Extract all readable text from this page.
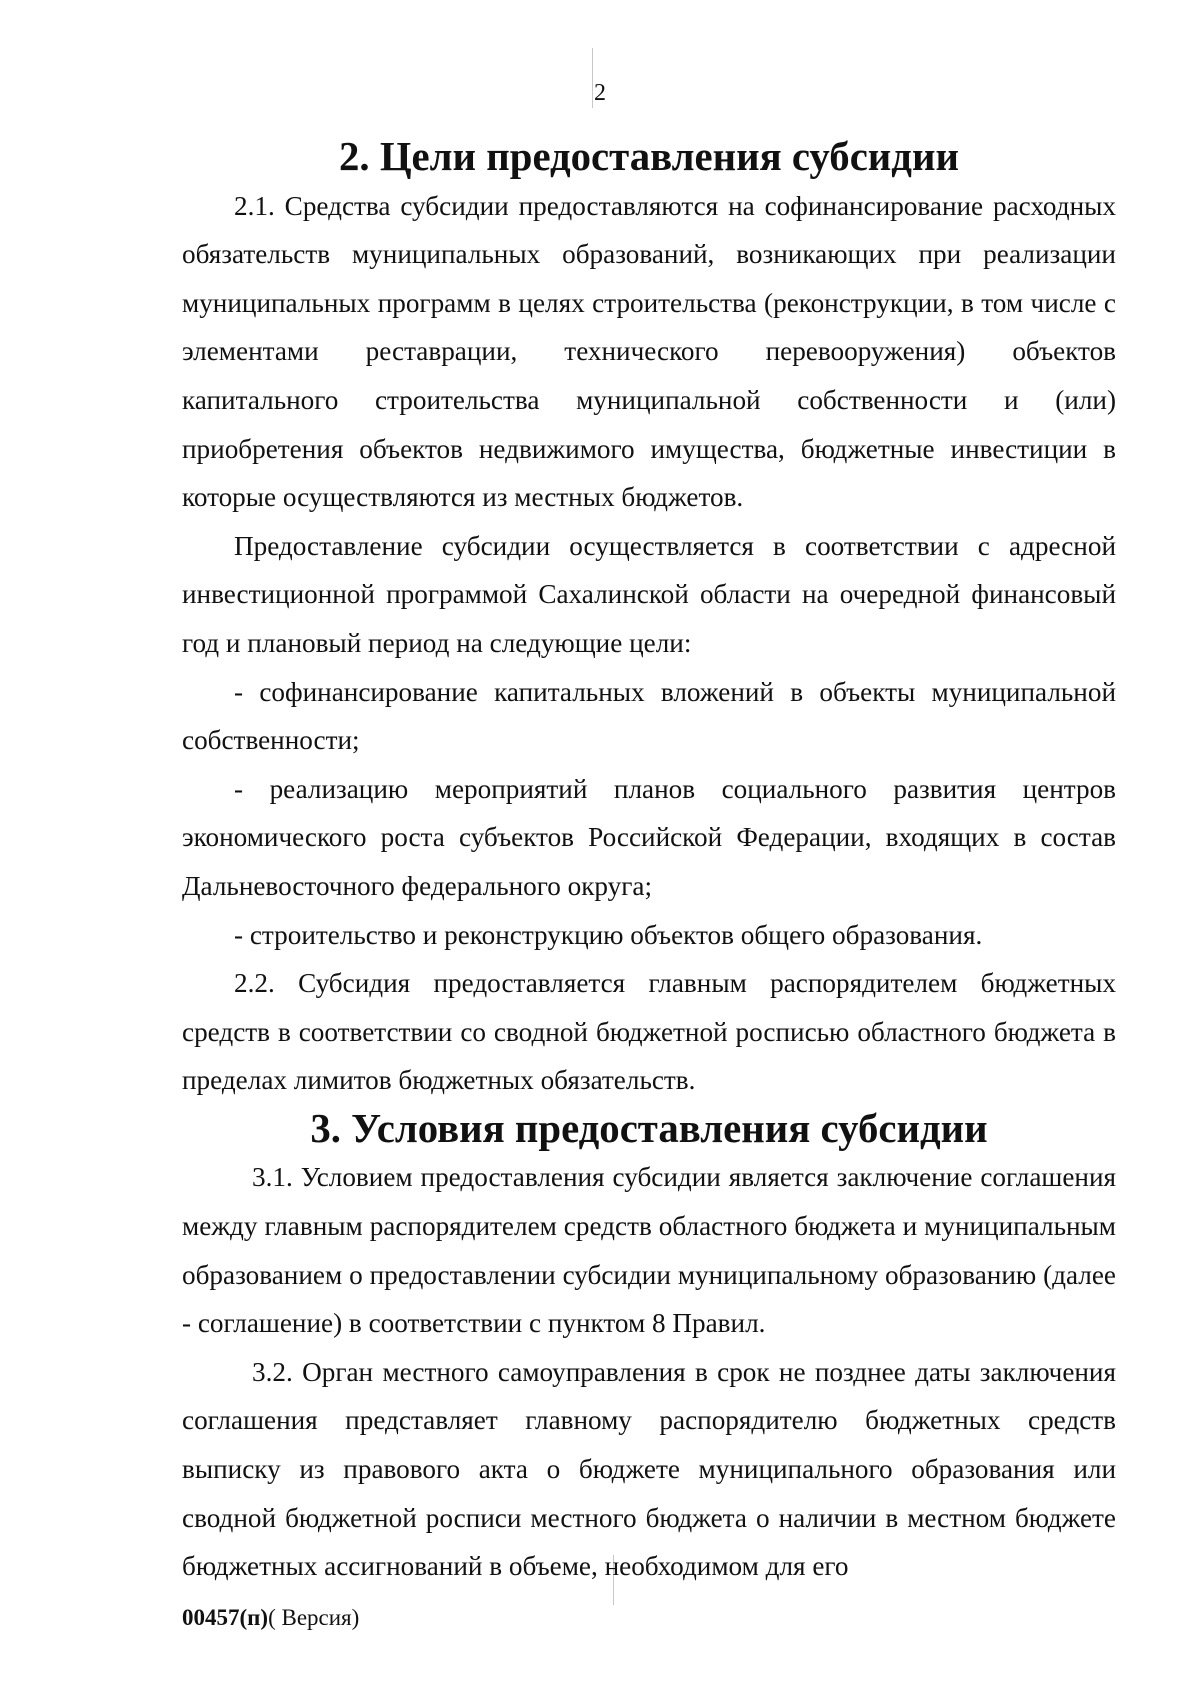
2
2. Цели предоставления субсидии

2.1. Средства субсидии предоставляются на софинансирование расходных обязательств муниципальных образований, возникающих при реализации муниципальных программ в целях строительства (реконструкции, в том числе с элементами реставрации, технического перевооружения) объектов капитального строительства муниципальной собственности и (или) приобретения объектов недвижимого имущества, бюджетные инвестиции в которые осуществляются из местных бюджетов.

Предоставление субсидии осуществляется в соответствии с адресной инвестиционной программой Сахалинской области на очередной финансовый год и плановый период на следующие цели:

- софинансирование капитальных вложений в объекты муниципальной собственности;

- реализацию мероприятий планов социального развития центров экономического роста субъектов Российской Федерации, входящих в состав Дальневосточного федерального округа;

- строительство и реконструкцию объектов общего образования.

2.2. Субсидия предоставляется главным распорядителем бюджетных средств в соответствии со сводной бюджетной росписью областного бюджета в пределах лимитов бюджетных обязательств.

3. Условия предоставления субсидии

3.1. Условием предоставления субсидии является заключение соглашения между главным распорядителем средств областного бюджета и муниципальным образованием о предоставлении субсидии муниципальному образованию (далее - соглашение) в соответствии с пунктом 8 Правил.

3.2. Орган местного самоуправления в срок не позднее даты заключения соглашения представляет главному распорядителю бюджетных средств выписку из правового акта о бюджете муниципального образования или сводной бюджетной росписи местного бюджета о наличии в местном бюджете бюджетных ассигнований в объеме, необходимом для его

00457(п)( Версия)
